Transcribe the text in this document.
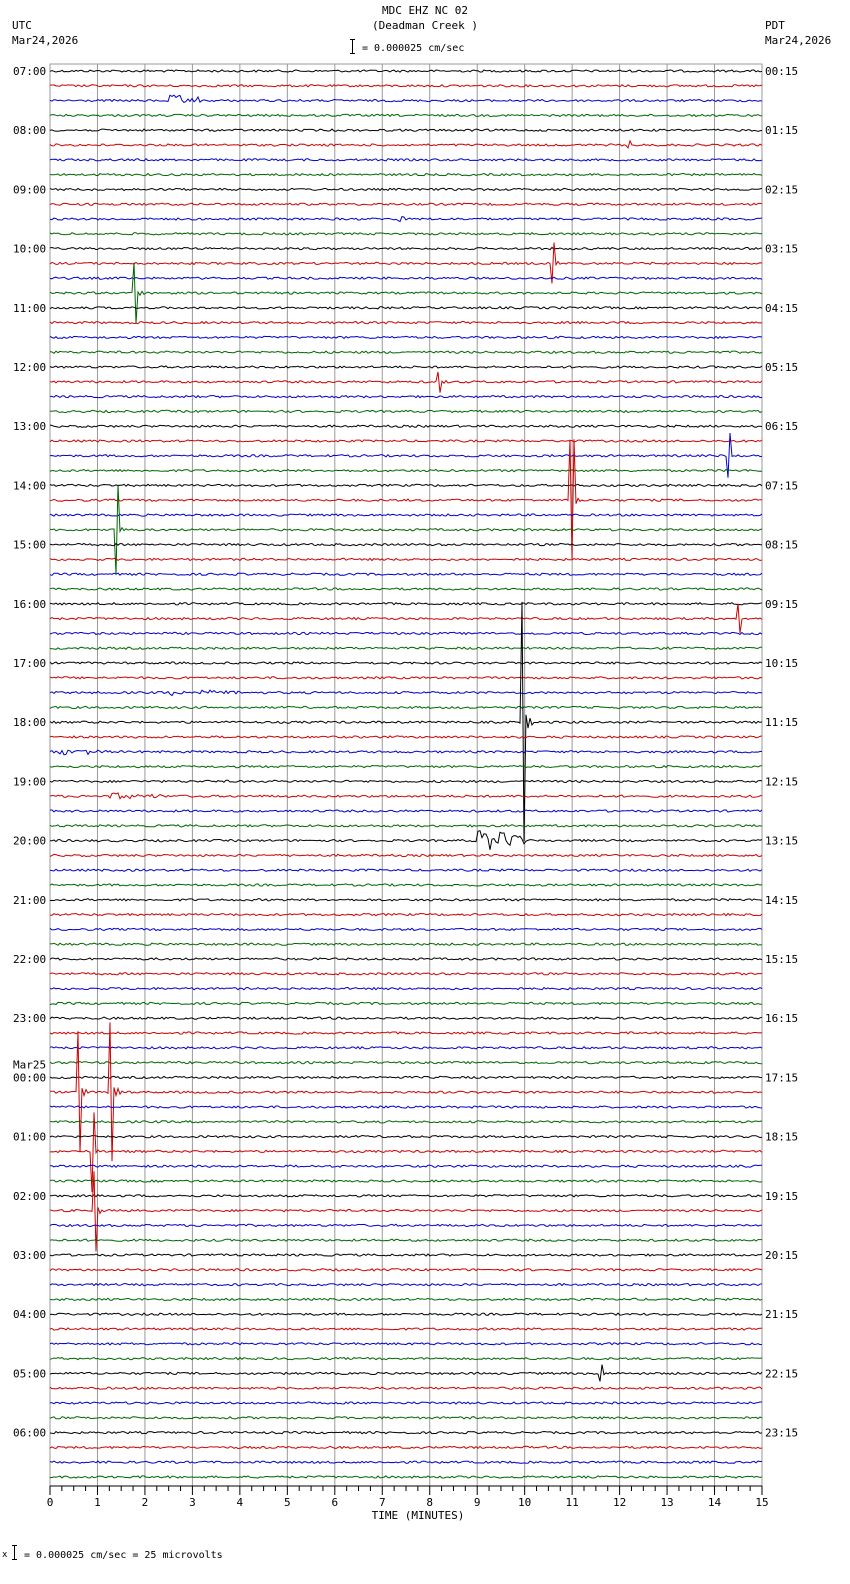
MDC EHZ NC 02
(Deadman Creek )
UTC
Mar24,2026
PDT
Mar24,2026
= 0.000025 cm/sec
0	1	2	3	4	5	6	7	8	9	10	11	12	13	14	15
07:00
08:00
09:00
10:00
11:00
12:00
13:00
14:00
15:00
16:00
17:00
18:00
19:00
20:00
21:00
22:00
23:00
Mar25
00:00
01:00
02:00
03:00
04:00
05:00
06:00
00:15
01:15
02:15
03:15
04:15
05:15
06:15
07:15
08:15
09:15
10:15
11:15
12:15
13:15
14:15
15:15
16:15
17:15
18:15
19:15
20:15
21:15
22:15
23:15
TIME (MINUTES)
x = 0.000025 cm/sec = 25 microvolts
